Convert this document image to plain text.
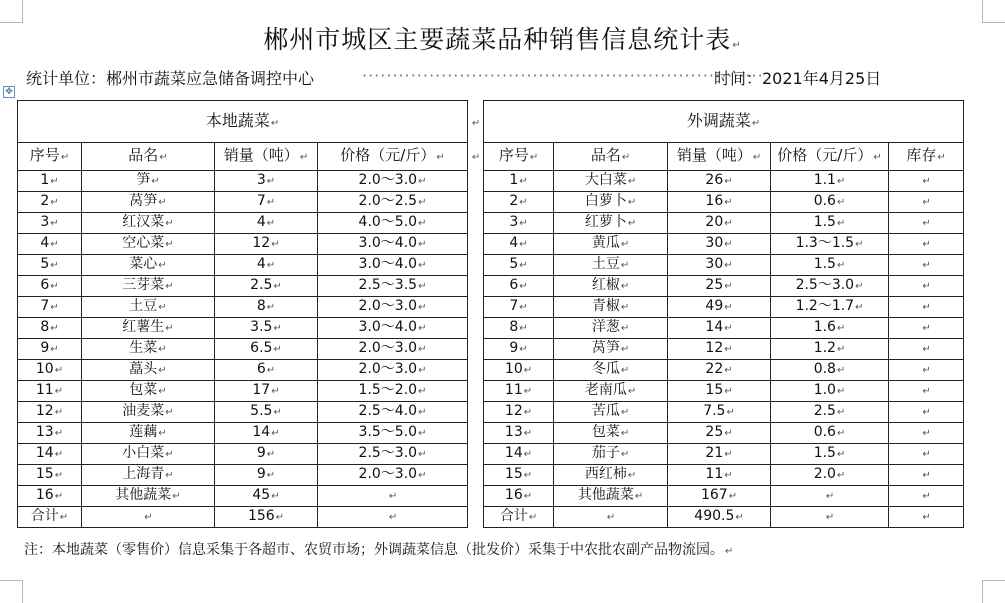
郴州市城区主要蔬菜品种销售信息统计表↵
统计单位：郴州市蔬菜应急储备调控中心	··································································
时间：2021年4月25日
✥
本地蔬菜↵				↵	外调蔬菜↵				
序号↵	品名↵	销量（吨）↵	价格（元/斤）↵	↵	序号↵	品名↵	销量（吨）↵	价格（元/斤）↵	库存↵
1↵	笋↵	3↵	2.0～3.0↵		1↵	大白菜↵	26↵	1.1↵	↵
2↵	莴笋↵	7↵	2.0～2.5↵		2↵	白萝卜↵	16↵	0.6↵	↵
3↵	红汉菜↵	4↵	4.0～5.0↵		3↵	红萝卜↵	20↵	1.5↵	↵
4↵	空心菜↵	12↵	3.0～4.0↵		4↵	黄瓜↵	30↵	1.3～1.5↵	↵
5↵	菜心↵	4↵	3.0～4.0↵		5↵	土豆↵	30↵	1.5↵	↵
6↵	三芽菜↵	2.5↵	2.5～3.5↵		6↵	红椒↵	25↵	2.5～3.0↵	↵
7↵	土豆↵	8↵	2.0～3.0↵		7↵	青椒↵	49↵	1.2～1.7↵	↵
8↵	红薯生↵	3.5↵	3.0～4.0↵		8↵	洋葱↵	14↵	1.6↵	↵
9↵	生菜↵	6.5↵	2.0～3.0↵		9↵	莴笋↵	12↵	1.2↵	↵
10↵	藠头↵	6↵	2.0～3.0↵		10↵	冬瓜↵	22↵	0.8↵	↵
11↵	包菜↵	17↵	1.5～2.0↵		11↵	老南瓜↵	15↵	1.0↵	↵
12↵	油麦菜↵	5.5↵	2.5～4.0↵		12↵	苦瓜↵	7.5↵	2.5↵	↵
13↵	莲藕↵	14↵	3.5～5.0↵		13↵	包菜↵	25↵	0.6↵	↵
14↵	小白菜↵	9↵	2.5～3.0↵		14↵	茄子↵	21↵	1.5↵	↵
15↵	上海青↵	9↵	2.0～3.0↵		15↵	西红柿↵	11↵	2.0↵	↵
16↵	其他蔬菜↵	45↵	↵		16↵	其他蔬菜↵	167↵	↵	↵
合计↵	↵	156↵	↵		合计↵	↵	490.5↵	↵	↵
注：本地蔬菜（零售价）信息采集于各超市、农贸市场；外调蔬菜信息（批发价）采集于中农批农副产品物流园。↵
